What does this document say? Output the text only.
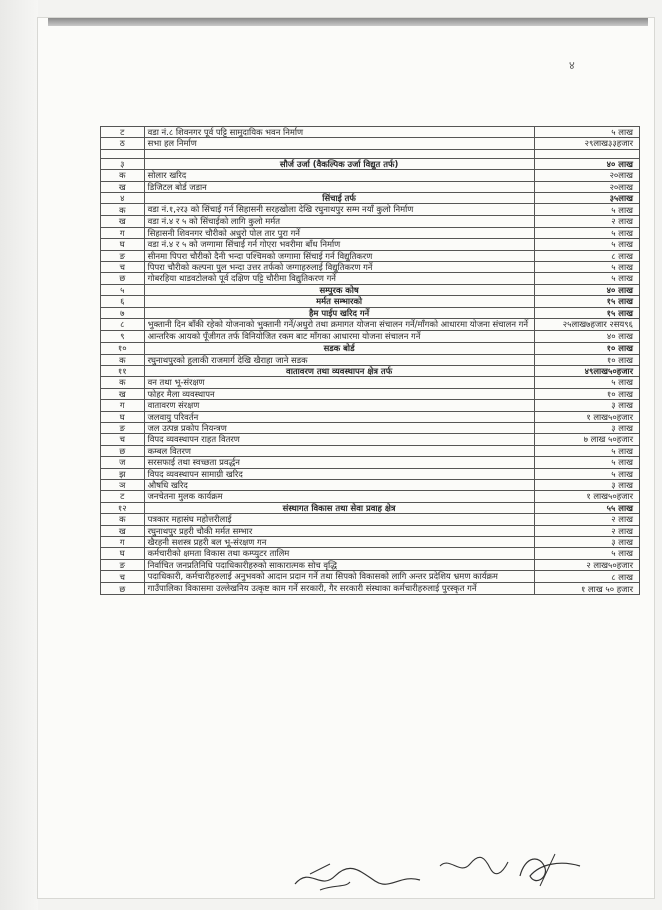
४
ट	वडा नं.८ शिवनगर पूर्व पट्टि सामुदायिक भवन निर्माण	५ लाख
ठ	सभा हल निर्माण	२९लाख३३हजार

३	सौर्ज उर्जा (वैकल्पिक उर्जा विद्युत तर्फ)	४० लाख
क	सोलार खरिद	२०लाख
ख	डिजिटल बोर्ड जडान	२०लाख
४	सिंचाई तर्फ	३५लाख
क	वडा नं.१,२र३ को सिंचाई गर्न सिहासनी सरहखोला देखि रघुनाथपुर सम्म नयाँ कुलो निर्माण	५ लाख
ख	वडा नं.४ र ५ को सिंचाईको लागि कुलो मर्मत	२ लाख
ग	सिहासनी शिवनगर चौरीको अधुरो पोल तार पुरा गर्ने	५ लाख
घ	वडा नं.४ र ५ को जग्गामा सिंचाई गर्न गोएरा भवरीमा बाँध निर्माण	५ लाख
ङ	सीनमा पिपरा चौरीको दैनी भन्दा पश्चिमको जग्गामा सिंचाई गर्न विद्युतिकरण	८ लाख
च	पिपरा चौरीको कल्पना पुल भन्दा उत्तर तर्फको जग्गाहरुलाई विद्युतिकरण गर्ने	५ लाख
छ	गोबरहिया थाडवटोलको पूर्व दक्षिण पट्टि चौरीमा विद्युतिकरण गर्ने	५ लाख
५	सम्पुरक कोष	४० लाख
६	मर्मत सम्भारको	१५ लाख
७	हैम पाईप खरिद गर्ने	१५ लाख
८	भुक्तानी दिन बाँकी रहेको योजनाको भुक्तानी गर्ने/अधुरो तथा क्रमागत योजना संचालन गर्ने/माँगको आधारमा योजना संचालन गर्ने	२५लाख७हजार २सय९६
९	आन्तरिक आयको पूँजीगत तर्फ विनियोजित रकम बाट माँगका आधारमा योजना संचालन गर्ने	४० लाख
१०	सडक बोर्ड	१० लाख
क	रघुनाथपुरको हुलाकी राजमार्ग देखि खैराहा जाने सडक	१० लाख
११	वातावरण तथा व्यवस्थापन क्षेत्र तर्फ	४९लाख५०हजार
क	वन तथा भू-संरक्षण	५ लाख
ख	फोहर मैला व्यवस्थापन	१० लाख
ग	वातावरण संरक्षण	३ लाख
घ	जलवायु परिवर्तन	१ लाख५०हजार
ङ	जल उत्पन्न प्रकोप नियन्त्रण	३ लाख
च	विपद व्यवस्थापन राहत वितरण	७ लाख ५०हजार
छ	कम्बल वितरण	५ लाख
ज	सरसफाई तथा स्वच्छता प्रवर्द्धन	५ लाख
झ	विपद व्यवस्थापन सामाग्री खरिद	५ लाख
ञ	औषधि खरिद	३ लाख
ट	जनचेतना मुलक कार्यक्रम	१ लाख५०हजार
१२	संस्थागत विकास तथा सेवा प्रवाह क्षेत्र	५५ लाख
क	पत्रकार महासंघ महोत्तरीलाई	२ लाख
ख	रघुनाथपुर प्रहरी चौकी मर्मत सम्भार	२ लाख
ग	खैरहनी सशस्त्र प्रहरी बल भू-संरक्षण गन	३ लाख
घ	कर्मचारीको क्षमता विकास तथा कम्प्युटर तालिम	५ लाख
ङ	निर्वाचित जनप्रतिनिधि पदाधिकारीहरुको साकारात्मक सोच वृद्धि	२ लाख५०हजार
च	पदाधिकारी, कर्मचारीहरुलाई अनुभवको आदान प्रदान गर्ने तथा सिपको विकासको लागि अन्तर प्रदेशिय भ्रमण कार्यक्रम	८ लाख
छ	गाउँपालिका विकासमा उल्लेखनिय उत्कृष्ट काम गर्ने सरकारी, गैर सरकारी संस्थाका कर्मचारीहरुलाई पुरस्कृत गर्ने	१ लाख ५० हजार
